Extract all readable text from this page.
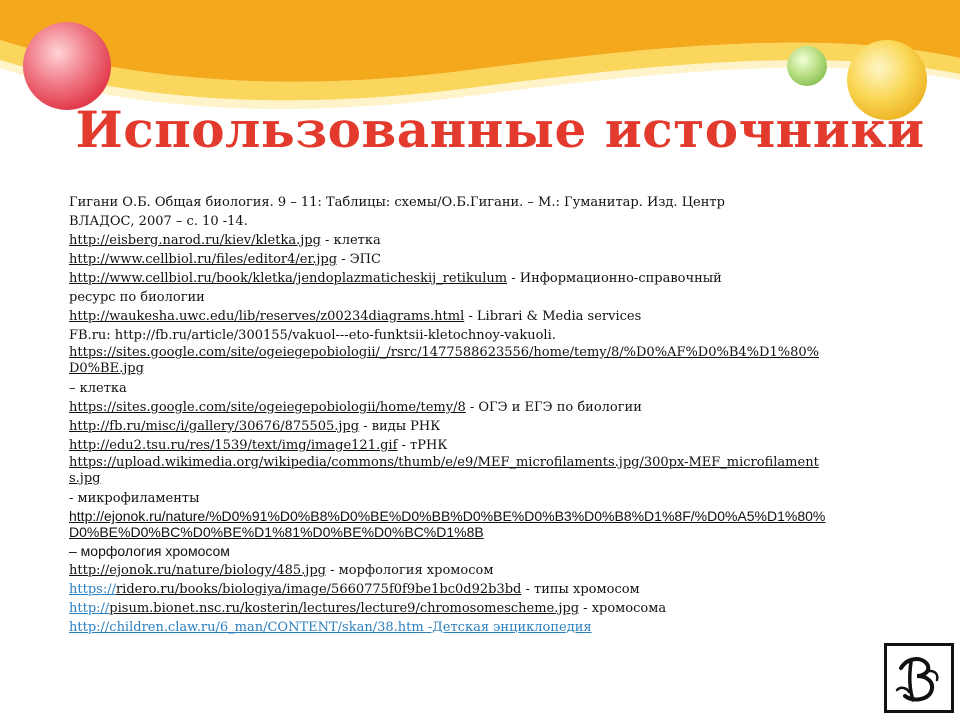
Использованные источники

Гигани О.Б. Общая биология. 9 – 11: Таблицы: схемы/О.Б.Гигани. – М.: Гуманитар. Изд. Центр

ВЛАДОС, 2007 – с. 10 -14.

http://eisberg.narod.ru/kiev/kletka.jpg - клетка

http://www.cellbiol.ru/files/editor4/er.jpg - ЭПС

http://www.cellbiol.ru/book/kletka/jendoplazmaticheskij_retikulum - Информационно-справочный

ресурс по биологии

http://waukesha.uwc.edu/lib/reserves/z00234diagrams.html - Librari & Media services

FB.ru: http://fb.ru/article/300155/vakuol---eto-funktsii-kletochnoy-vakuoli.

https://sites.google.com/site/ogeiegepobiologii/_/rsrc/1477588623556/home/temy/8/%D0%AF%D0%B4%D1%80%D0%BE.jpg

– клетка

https://sites.google.com/site/ogeiegepobiologii/home/temy/8 - ОГЭ и ЕГЭ по биологии

http://fb.ru/misc/i/gallery/30676/875505.jpg - виды РНК

http://edu2.tsu.ru/res/1539/text/img/image121.gif - тРНК

https://upload.wikimedia.org/wikipedia/commons/thumb/e/e9/MEF_microfilaments.jpg/300px-MEF_microfilaments.jpg

- микрофиламенты

http://ejonok.ru/nature/%D0%91%D0%B8%D0%BE%D0%BB%D0%BE%D0%B3%D0%B8%D1%8F/%D0%A5%D1%80%D0%BE%D0%BC%D0%BE%D1%81%D0%BE%D0%BC%D1%8B

– морфология хромосом

http://ejonok.ru/nature/biology/485.jpg - морфология хромосом

https://ridero.ru/books/biologiya/image/5660775f0f9be1bc0d92b3bd - типы хромосом

http://pisum.bionet.nsc.ru/kosterin/lectures/lecture9/chromosomescheme.jpg - хромосома

http://children.claw.ru/6_man/CONTENT/skan/38.htm -Детская энциклопедия
